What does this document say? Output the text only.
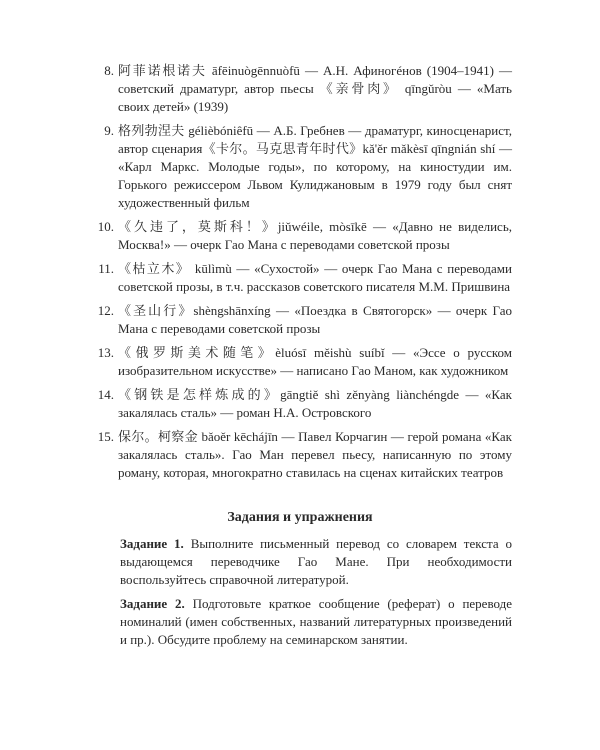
8. 阿菲诺根诺夫 āfēinuògēnnuòfū — А.Н. Афиногéнов (1904–1941) — советский драматург, автор пьесы 《亲骨肉》 qīngǔròu — «Мать своих детей» (1939)
9. 格列勃涅夫 gélièbóniêfū — А.Б. Гребнев — драматург, киносценарист, автор сценария《卡尔。马克思青年时代》kǎ'ěr mǎkèsī qīngnián shí — «Карл Маркс. Молодые годы», по которому, на киностудии им. Горького режиссером Львом Кулиджановым в 1979 году был снят художественный фильм
10. 《久违了，莫斯科！》jiǔwéile, mòsīkē — «Давно не виделись, Москва!» — очерк Гао Мана с переводами советской прозы
11. 《枯立木》 kūlìmù — «Сухостой» — очерк Гао Мана с переводами советской прозы, в т.ч. рассказов советского писателя М.М. Пришвина
12. 《圣山行》shèngshānxíng — «Поездка в Святогорск» — очерк Гао Мана с переводами советской прозы
13. 《俄罗斯美术随笔》èluósī měishù suíbǐ — «Эссе о русском изобразительном искусстве» — написано Гао Маном, как художником
14. 《钢铁是怎样炼成的》gāngtiě shì zěnyàng liànchéngde — «Как закалялась сталь» — роман Н.А. Островского
15. 保尔。柯察金 bǎoěr kēchájīn — Павел Корчагин — герой романа «Как закалялась сталь». Гао Ман перевел пьесу, написанную по этому роману, которая, многократно ставилась на сценах китайских театров
Задания и упражнения

Задание 1. Выполните письменный перевод со словарем текста о выдающемся переводчике Гао Мане. При необходимости воспользуйтесь справочной литературой.

Задание 2. Подготовьте краткое сообщение (реферат) о переводе номиналий (имен собственных, названий литературных произведений и пр.). Обсудите проблему на семинарском занятии.
